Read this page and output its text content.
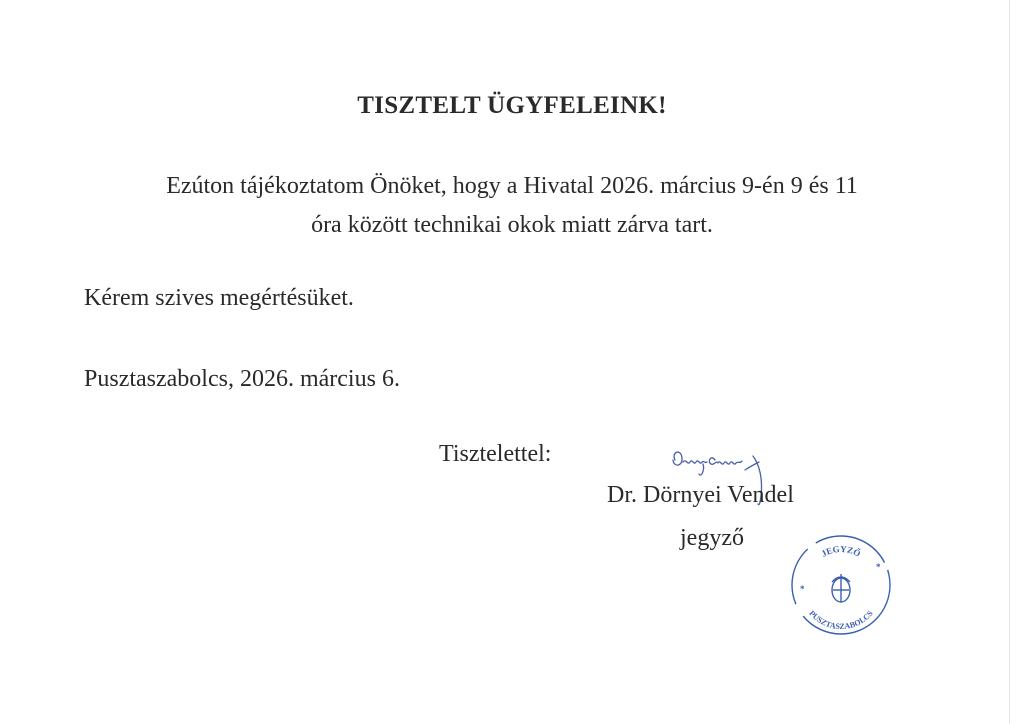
TISZTELT ÜGYFELEINK!
Ezúton tájékoztatom Önöket, hogy a Hivatal 2026. március 9-én 9 és 11
óra között technikai okok miatt zárva tart.
Kérem szives megértésüket.
Pusztaszabolcs, 2026. március 6.
Tisztelettel:
Dr. Dörnyei Vendel
jegyző
JEGYZŐ
PUSZTASZABOLCS
*
*
